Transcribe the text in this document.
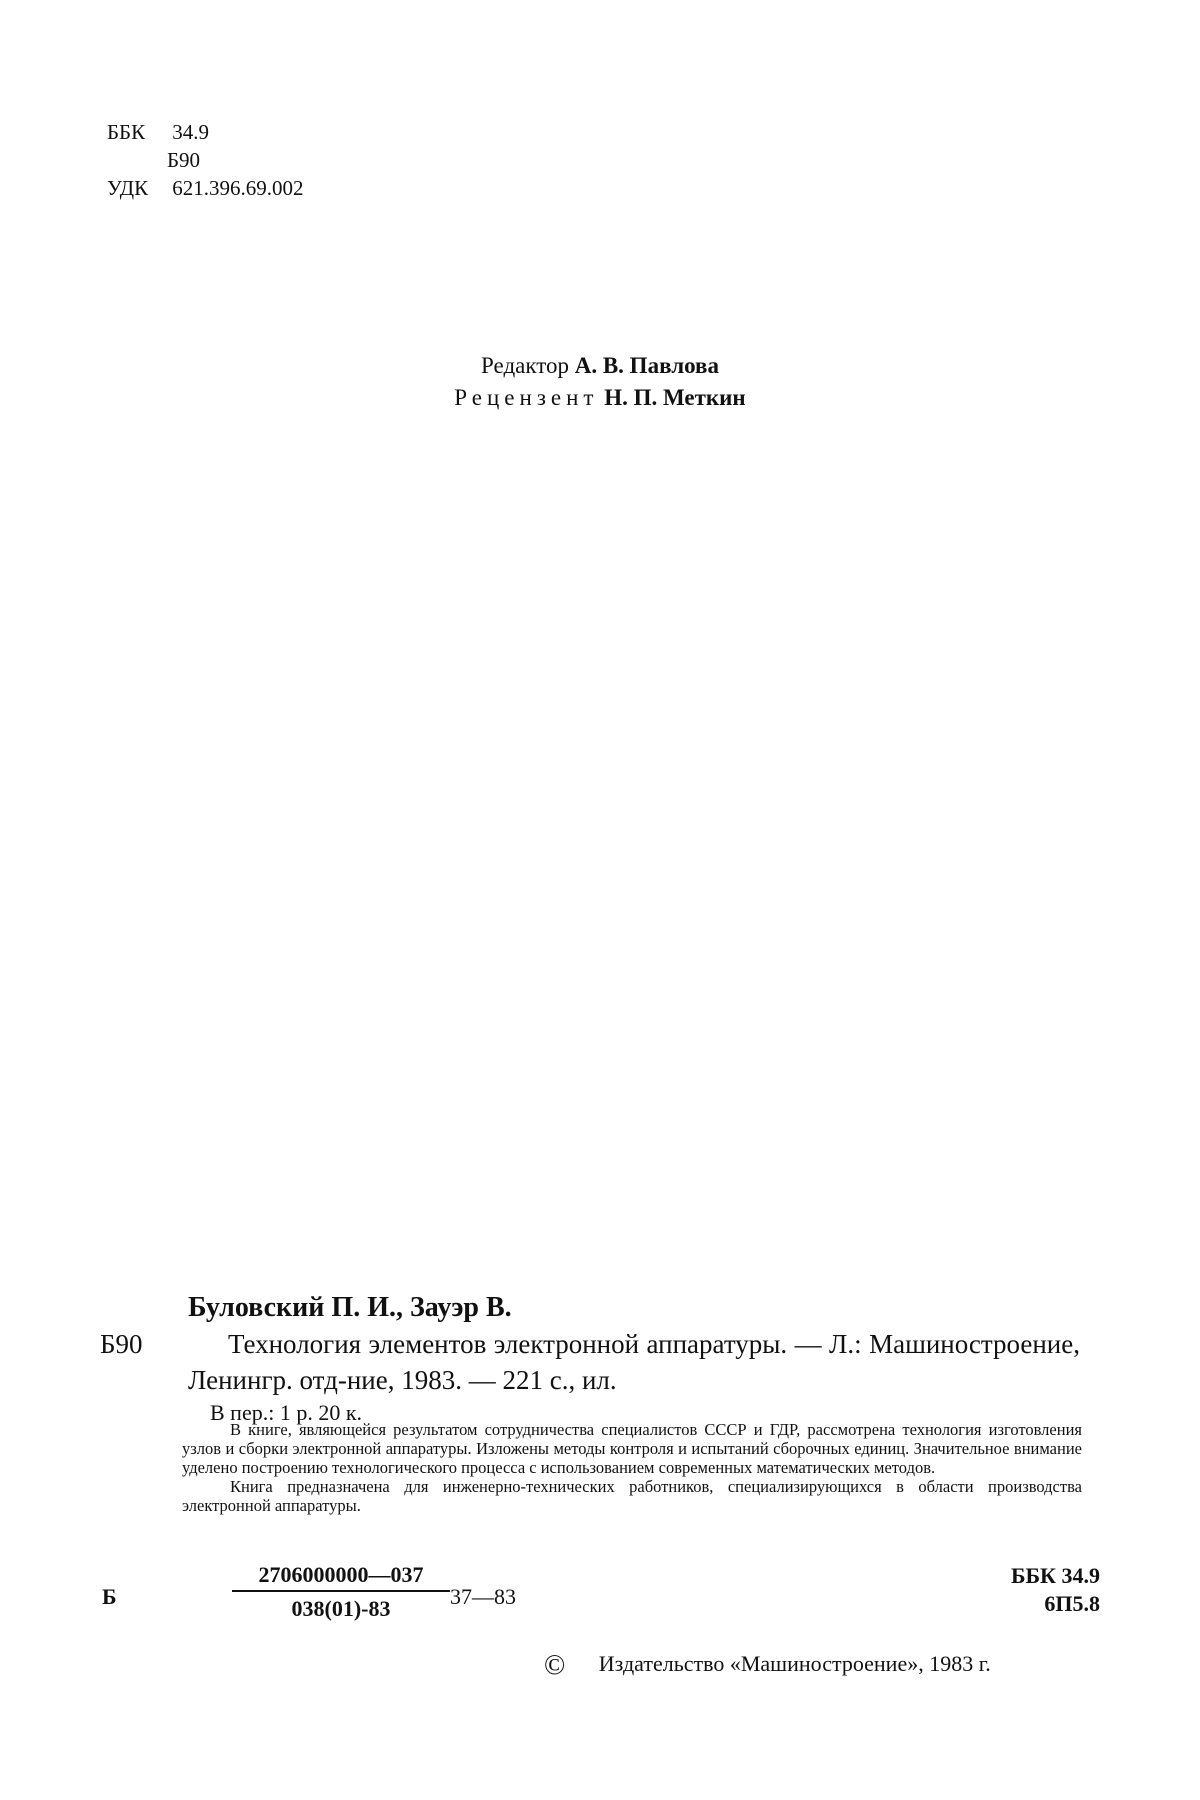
ББК 34.9
Б90
УДК 621.396.69.002
Редактор А. В. Павлова
Рецензент Н. П. Меткин
Буловский П. И., Зауэр В.
Б90	Технология элементов электронной аппаратуры. — Л.: Машиностроение, Ленингр. отд-ние, 1983. — 221 с., ил.
В пер.: 1 р. 20 к.

В книге, являющейся результатом сотрудничества специалистов СССР и ГДР, рассмотрена технология изготовления узлов и сборки электронной аппаратуры. Изложены методы контроля и испытаний сборочных единиц. Значительное внимание уделено построению технологического процесса с использованием современных математических методов.

Книга предназначена для инженерно-технических работников, специализирующихся в области производства электронной аппаратуры.

Б	$\frac{2706000000—037}{038(01)-83}$ 37—83
ББК 34.9
6П5.8
© Издательство «Машиностроение», 1983 г.
